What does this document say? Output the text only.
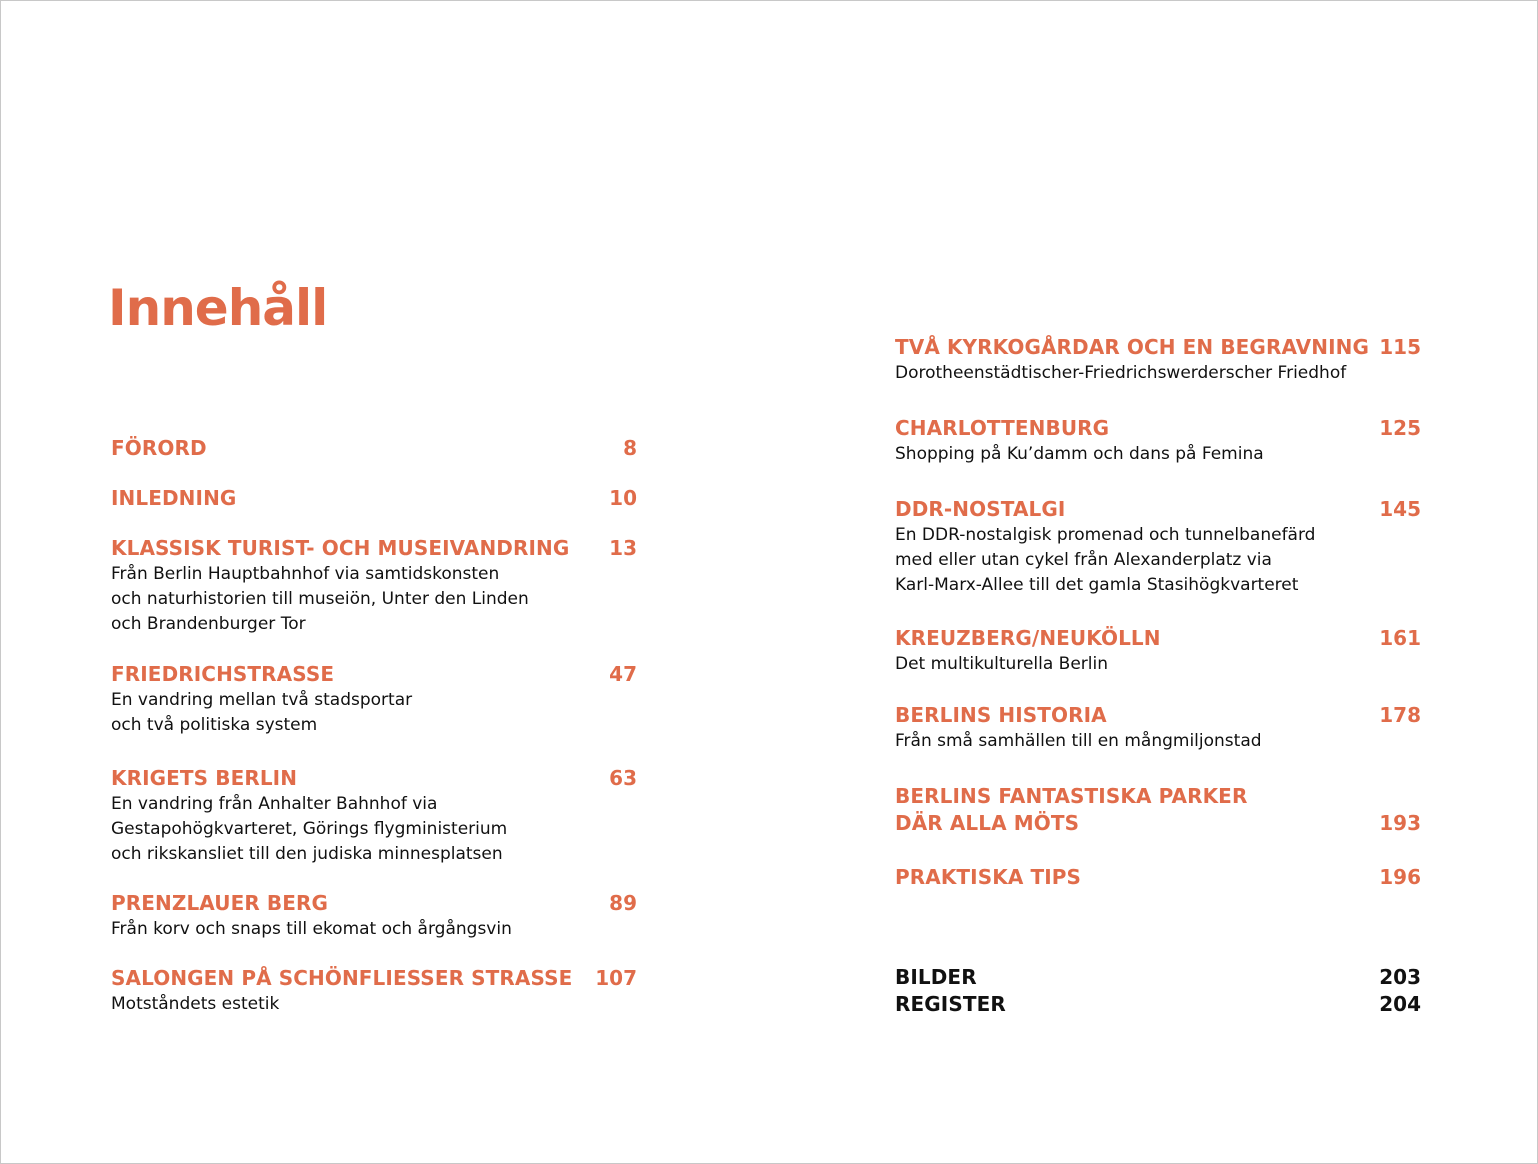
Innehåll
FÖRORD	8
INLEDNING	10
KLASSISK TURIST- OCH MUSEIVANDRING 13
Från Berlin Hauptbahnhof via samtidskonsten
och naturhistorien till museiön, Unter den Linden
och Brandenburger Tor
FRIEDRICHSTRASSE	47
En vandring mellan två stadsportar
och två politiska system
KRIGETS BERLIN	63
En vandring från Anhalter Bahnhof via
Gestapohögkvarteret, Görings flygministerium
och rikskansliet till den judiska minnesplatsen
PRENZLAUER BERG	89
Från korv och snaps till ekomat och årgångsvin
SALONGEN PÅ SCHÖNFLIESSER STRASSE 107
Motståndets estetik
TVÅ KYRKOGÅRDAR OCH EN BEGRAVNING 115
Dorotheenstädtischer-Friedrichswerderscher Friedhof
CHARLOTTENBURG	125
Shopping på Ku’damm och dans på Femina
DDR-NOSTALGI	145
En DDR-nostalgisk promenad och tunnelbanefärd
med eller utan cykel från Alexanderplatz via
Karl-Marx-Allee till det gamla Stasihögkvarteret
KREUZBERG/NEUKÖLLN	161
Det multikulturella Berlin
BERLINS HISTORIA	178
Från små samhällen till en mångmiljonstad
BERLINS FANTASTISKA PARKER
DÄR ALLA MÖTS	193
PRAKTISKA TIPS	196
BILDER	203
REGISTER	204
